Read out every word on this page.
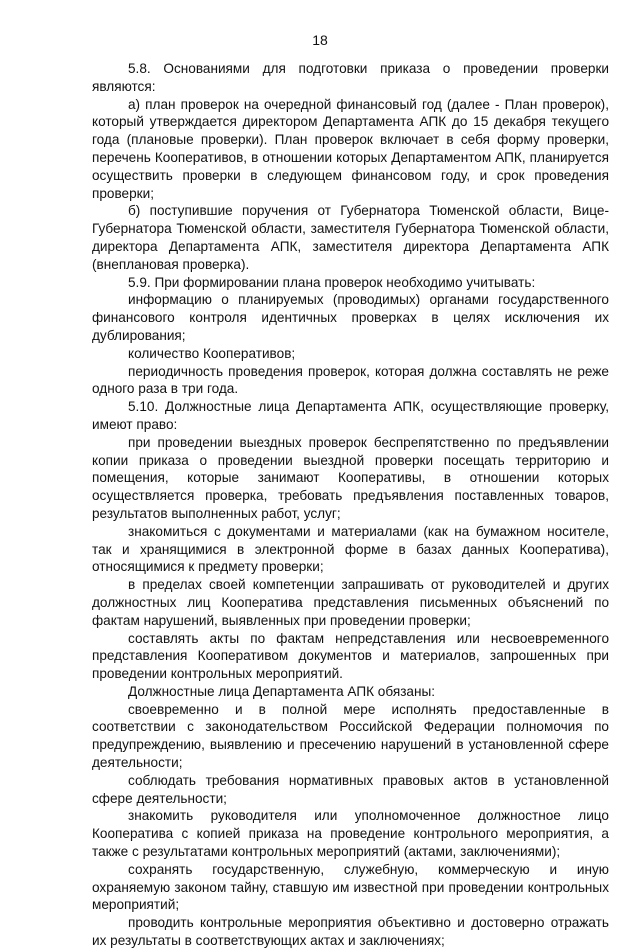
18

5.8. Основаниями для подготовки приказа о проведении проверки являются:

а) план проверок на очередной финансовый год (далее - План проверок), который утверждается директором Департамента АПК до 15 декабря текущего года (плановые проверки). План проверок включает в себя форму проверки, перечень Кооперативов, в отношении которых Департаментом АПК, планируется осуществить проверки в следующем финансовом году, и срок проведения проверки;

б) поступившие поручения от Губернатора Тюменской области, Вице-Губернатора Тюменской области, заместителя Губернатора Тюменской области, директора Департамента АПК, заместителя директора Департамента АПК (внеплановая проверка).

5.9. При формировании плана проверок необходимо учитывать:

информацию о планируемых (проводимых) органами государственного финансового контроля идентичных проверках в целях исключения их дублирования;

количество Кооперативов;

периодичность проведения проверок, которая должна составлять не реже одного раза в три года.

5.10. Должностные лица Департамента АПК, осуществляющие проверку, имеют право:

при проведении выездных проверок беспрепятственно по предъявлении копии приказа о проведении выездной проверки посещать территорию и помещения, которые занимают Кооперативы, в отношении которых осуществляется проверка, требовать предъявления поставленных товаров, результатов выполненных работ, услуг;

знакомиться с документами и материалами (как на бумажном носителе, так и хранящимися в электронной форме в базах данных Кооператива), относящимися к предмету проверки;

в пределах своей компетенции запрашивать от руководителей и других должностных лиц Кооператива представления письменных объяснений по фактам нарушений, выявленных при проведении проверки;

составлять акты по фактам непредставления или несвоевременного представления Кооперативом документов и материалов, запрошенных при проведении контрольных мероприятий.

Должностные лица Департамента АПК обязаны:

своевременно и в полной мере исполнять предоставленные в соответствии с законодательством Российской Федерации полномочия по предупреждению, выявлению и пресечению нарушений в установленной сфере деятельности;

соблюдать требования нормативных правовых актов в установленной сфере деятельности;

знакомить руководителя или уполномоченное должностное лицо Кооператива с копией приказа на проведение контрольного мероприятия, а также с результатами контрольных мероприятий (актами, заключениями);

сохранять государственную, служебную, коммерческую и иную охраняемую законом тайну, ставшую им известной при проведении контрольных мероприятий;

проводить контрольные мероприятия объективно и достоверно отражать их результаты в соответствующих актах и заключениях;
